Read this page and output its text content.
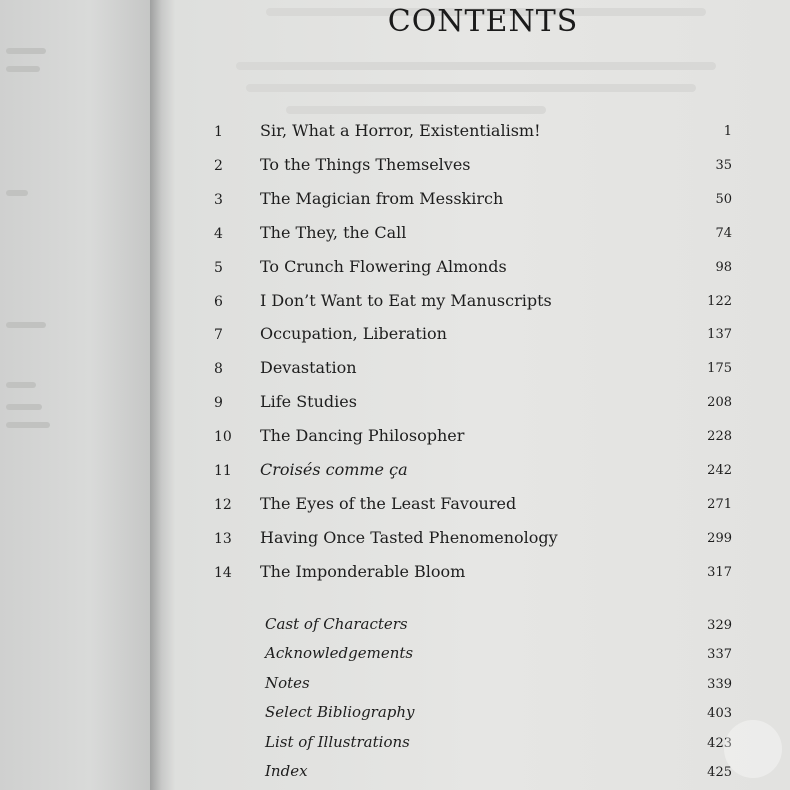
CONTENTS
1 Sir, What a Horror, Existentialism!	1
2 To the Things Themselves	35
3 The Magician from Messkirch	50
4 The They, the Call	74
5 To Crunch Flowering Almonds	98
6 I Don’t Want to Eat my Manuscripts	122
7 Occupation, Liberation	137
8 Devastation	175
9 Life Studies	208
10 The Dancing Philosopher	228
11 Croisés comme ça	242
12 The Eyes of the Least Favoured	271
13 Having Once Tasted Phenomenology	299
14 The Imponderable Bloom	317
Cast of Characters	329
Acknowledgements	337
Notes	339
Select Bibliography	403
List of Illustrations	423
Index	425
